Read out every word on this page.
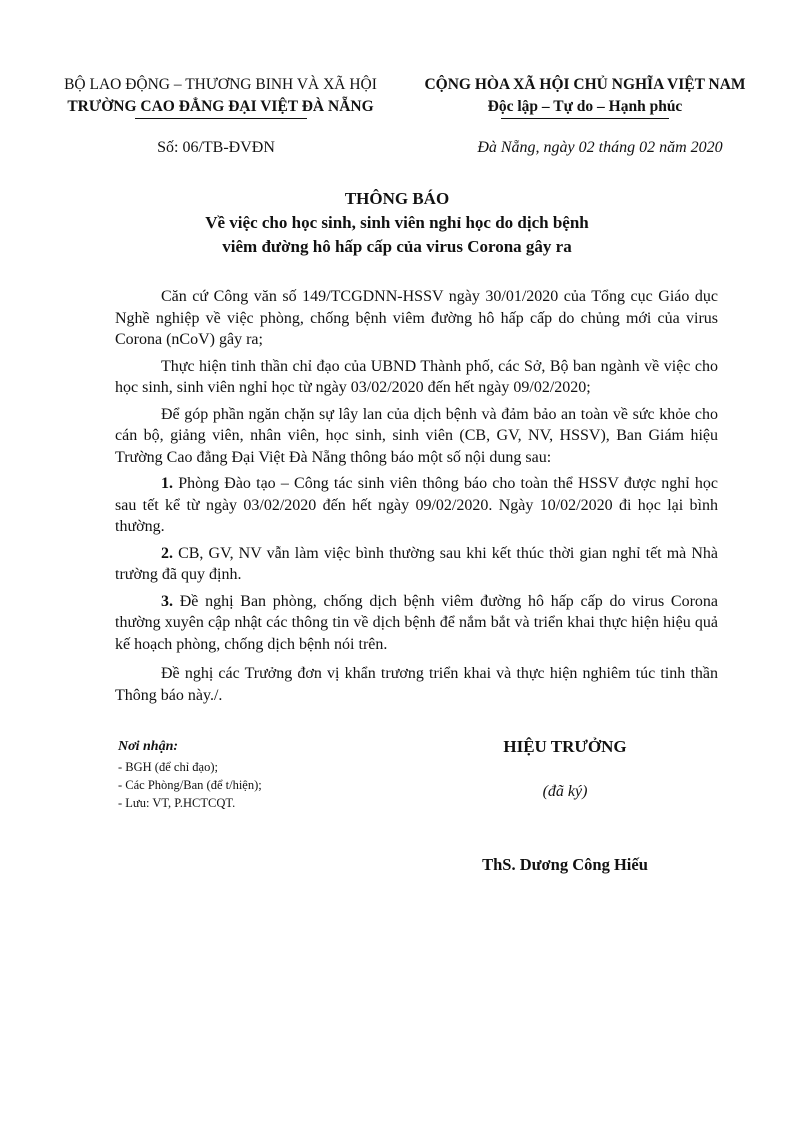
BỘ LAO ĐỘNG – THƯƠNG BINH VÀ XÃ HỘI
TRƯỜNG CAO ĐẲNG ĐẠI VIỆT ĐÀ NẴNG
CỘNG HÒA XÃ HỘI CHỦ NGHĨA VIỆT NAM
Độc lập – Tự do – Hạnh phúc
Số: 06/TB-ĐVĐN	Đà Nẵng, ngày 02 tháng 02 năm 2020
THÔNG BÁO
Về việc cho học sinh, sinh viên nghỉ học do dịch bệnh
viêm đường hô hấp cấp của virus Corona gây ra

Căn cứ Công văn số 149/TCGDNN-HSSV ngày 30/01/2020 của Tổng cục Giáo dục Nghề nghiệp về việc phòng, chống bệnh viêm đường hô hấp cấp do chủng mới của virus Corona (nCoV) gây ra;

Thực hiện tinh thần chỉ đạo của UBND Thành phố, các Sở, Bộ ban ngành về việc cho học sinh, sinh viên nghỉ học từ ngày 03/02/2020 đến hết ngày 09/02/2020;

Để góp phần ngăn chặn sự lây lan của dịch bệnh và đảm bảo an toàn về sức khỏe cho cán bộ, giảng viên, nhân viên, học sinh, sinh viên (CB, GV, NV, HSSV), Ban Giám hiệu Trường Cao đẳng Đại Việt Đà Nẵng thông báo một số nội dung sau:

1. Phòng Đào tạo – Công tác sinh viên thông báo cho toàn thể HSSV được nghỉ học sau tết kể từ ngày 03/02/2020 đến hết ngày 09/02/2020. Ngày 10/02/2020 đi học lại bình thường.

2. CB, GV, NV vẫn làm việc bình thường sau khi kết thúc thời gian nghỉ tết mà Nhà trường đã quy định.

3. Đề nghị Ban phòng, chống dịch bệnh viêm đường hô hấp cấp do virus Corona thường xuyên cập nhật các thông tin về dịch bệnh để nắm bắt và triển khai thực hiện hiệu quả kế hoạch phòng, chống dịch bệnh nói trên.

Đề nghị các Trưởng đơn vị khẩn trương triển khai và thực hiện nghiêm túc tinh thần Thông báo này./.

Nơi nhận:
- BGH (để chỉ đạo);
- Các Phòng/Ban (để t/hiện);
- Lưu: VT, P.HCTCQT.
HIỆU TRƯỞNG
(đã ký)
ThS. Dương Công Hiếu
